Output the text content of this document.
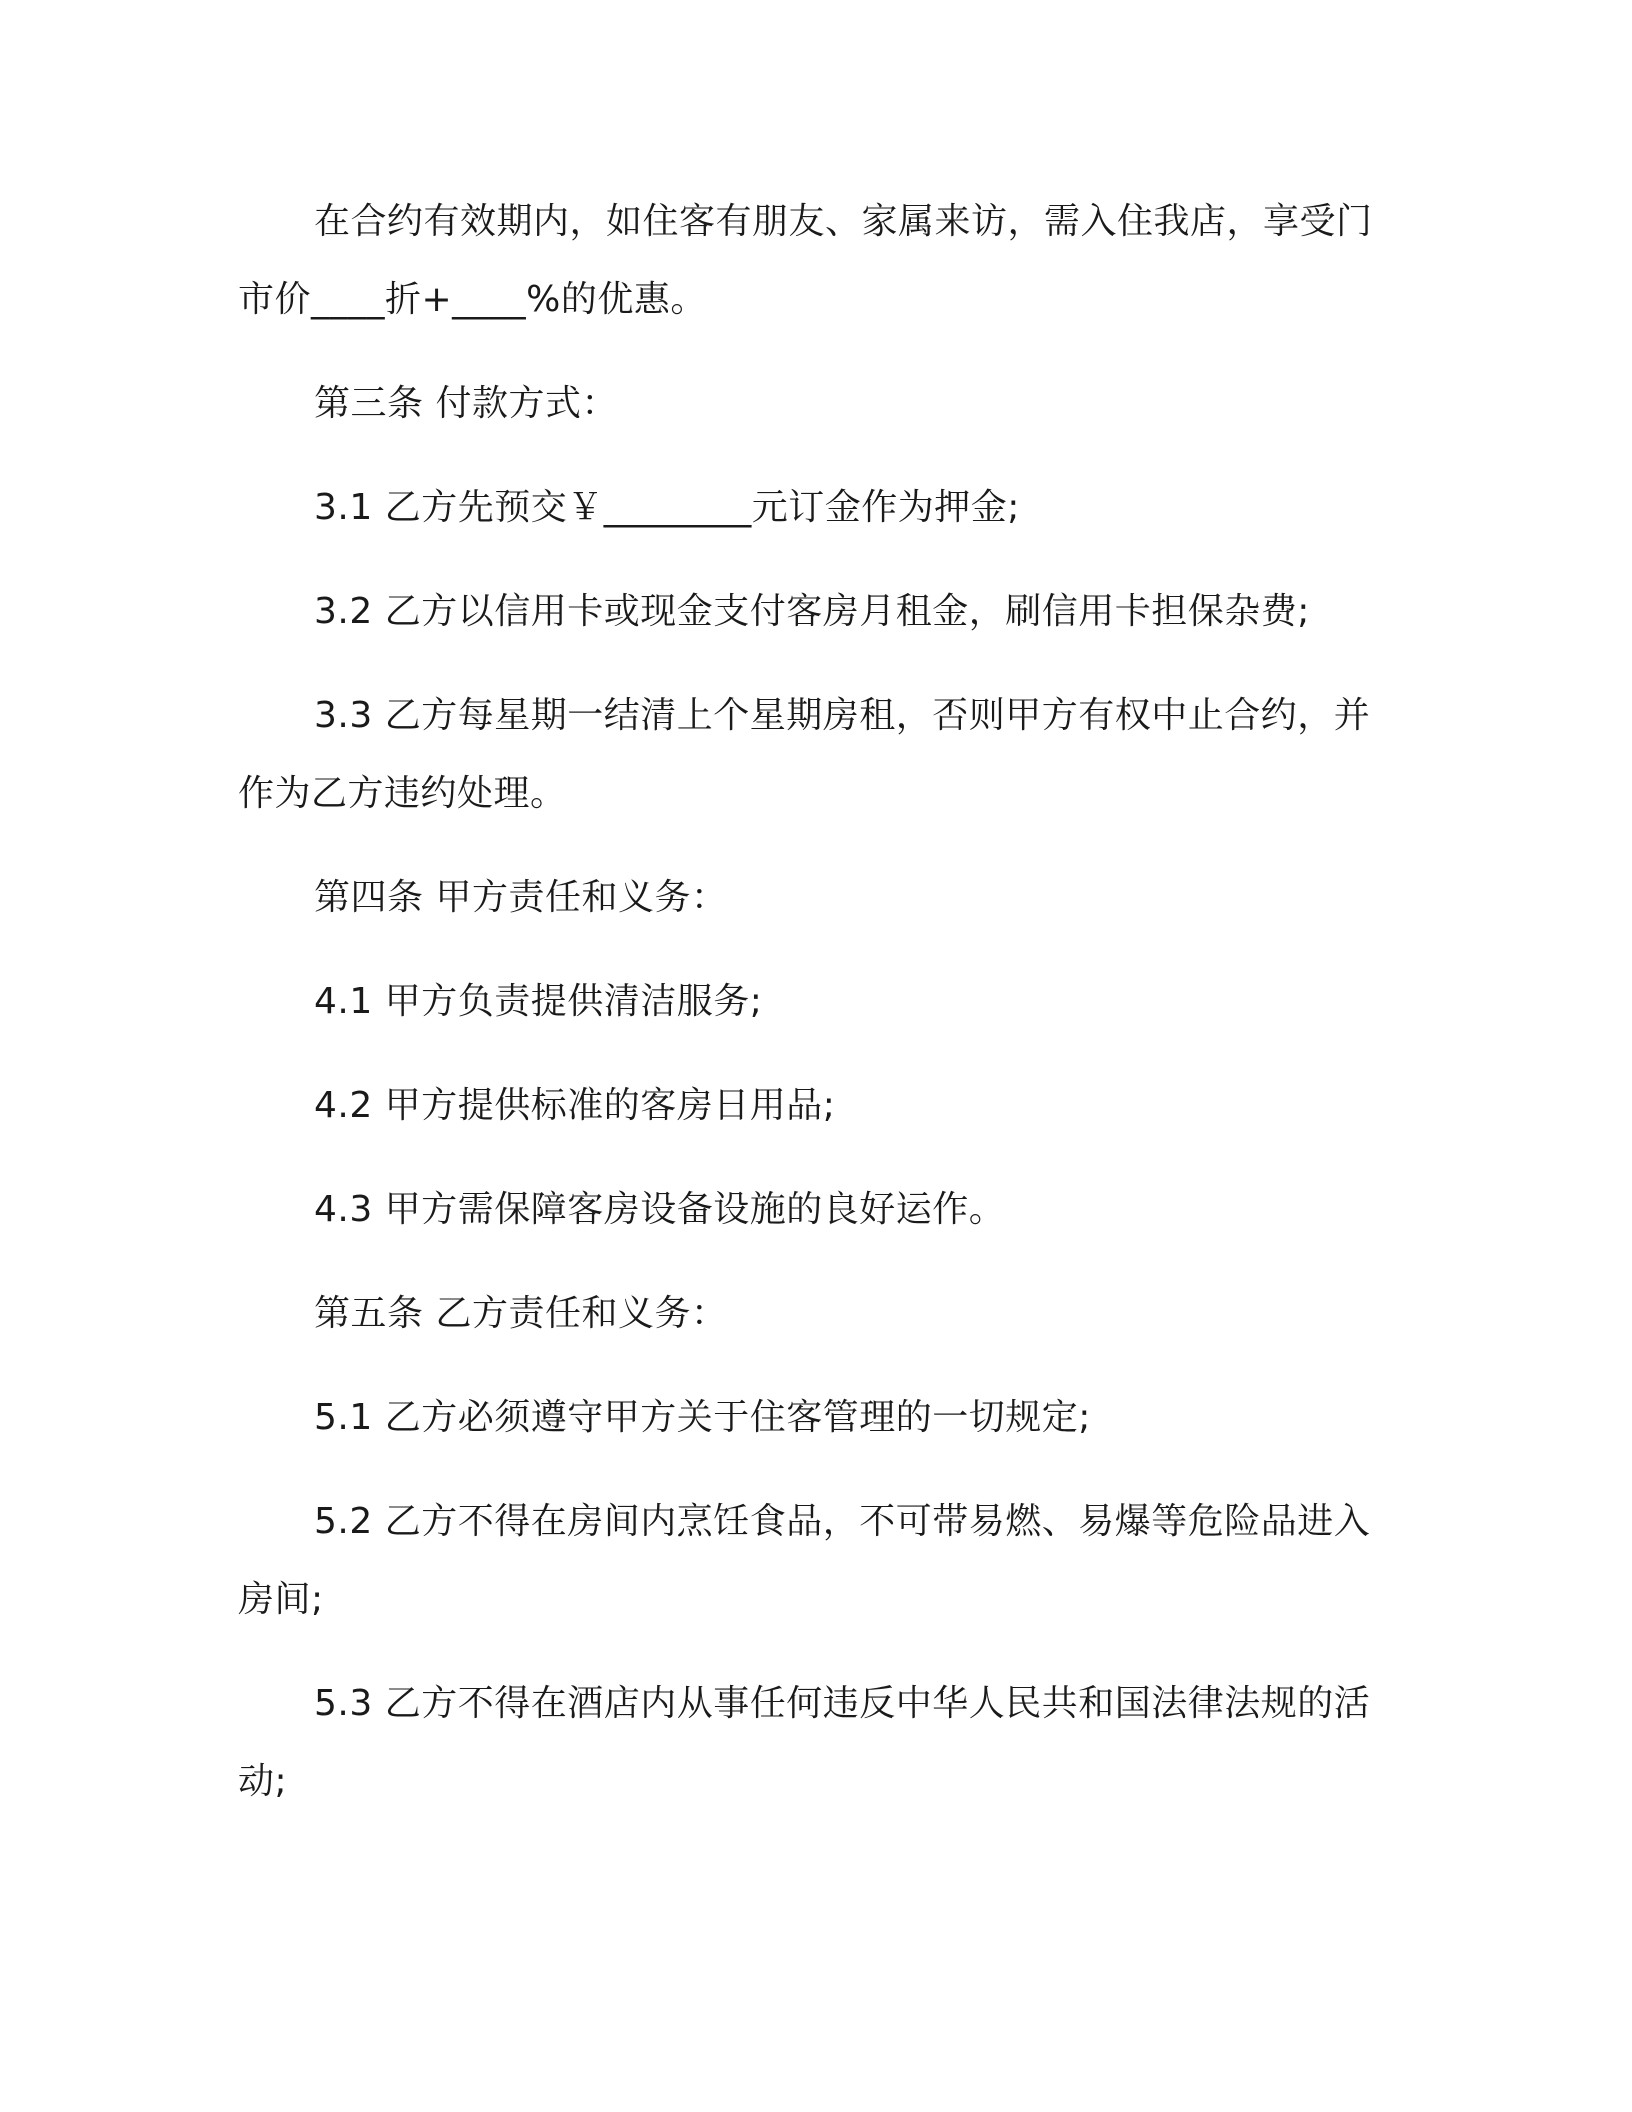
在合约有效期内，如住客有朋友、家属来访，需入住我店，享受门市价____折+____%的优惠。

第三条 付款方式：

3.1 乙方先预交￥________元订金作为押金;

3.2 乙方以信用卡或现金支付客房月租金，刷信用卡担保杂费;

3.3 乙方每星期一结清上个星期房租，否则甲方有权中止合约，并作为乙方违约处理。

第四条 甲方责任和义务：

4.1 甲方负责提供清洁服务;

4.2 甲方提供标准的客房日用品;

4.3 甲方需保障客房设备设施的良好运作。

第五条 乙方责任和义务：

5.1 乙方必须遵守甲方关于住客管理的一切规定;

5.2 乙方不得在房间内烹饪食品，不可带易燃、易爆等危险品进入房间;

5.3 乙方不得在酒店内从事任何违反中华人民共和国法律法规的活动;
